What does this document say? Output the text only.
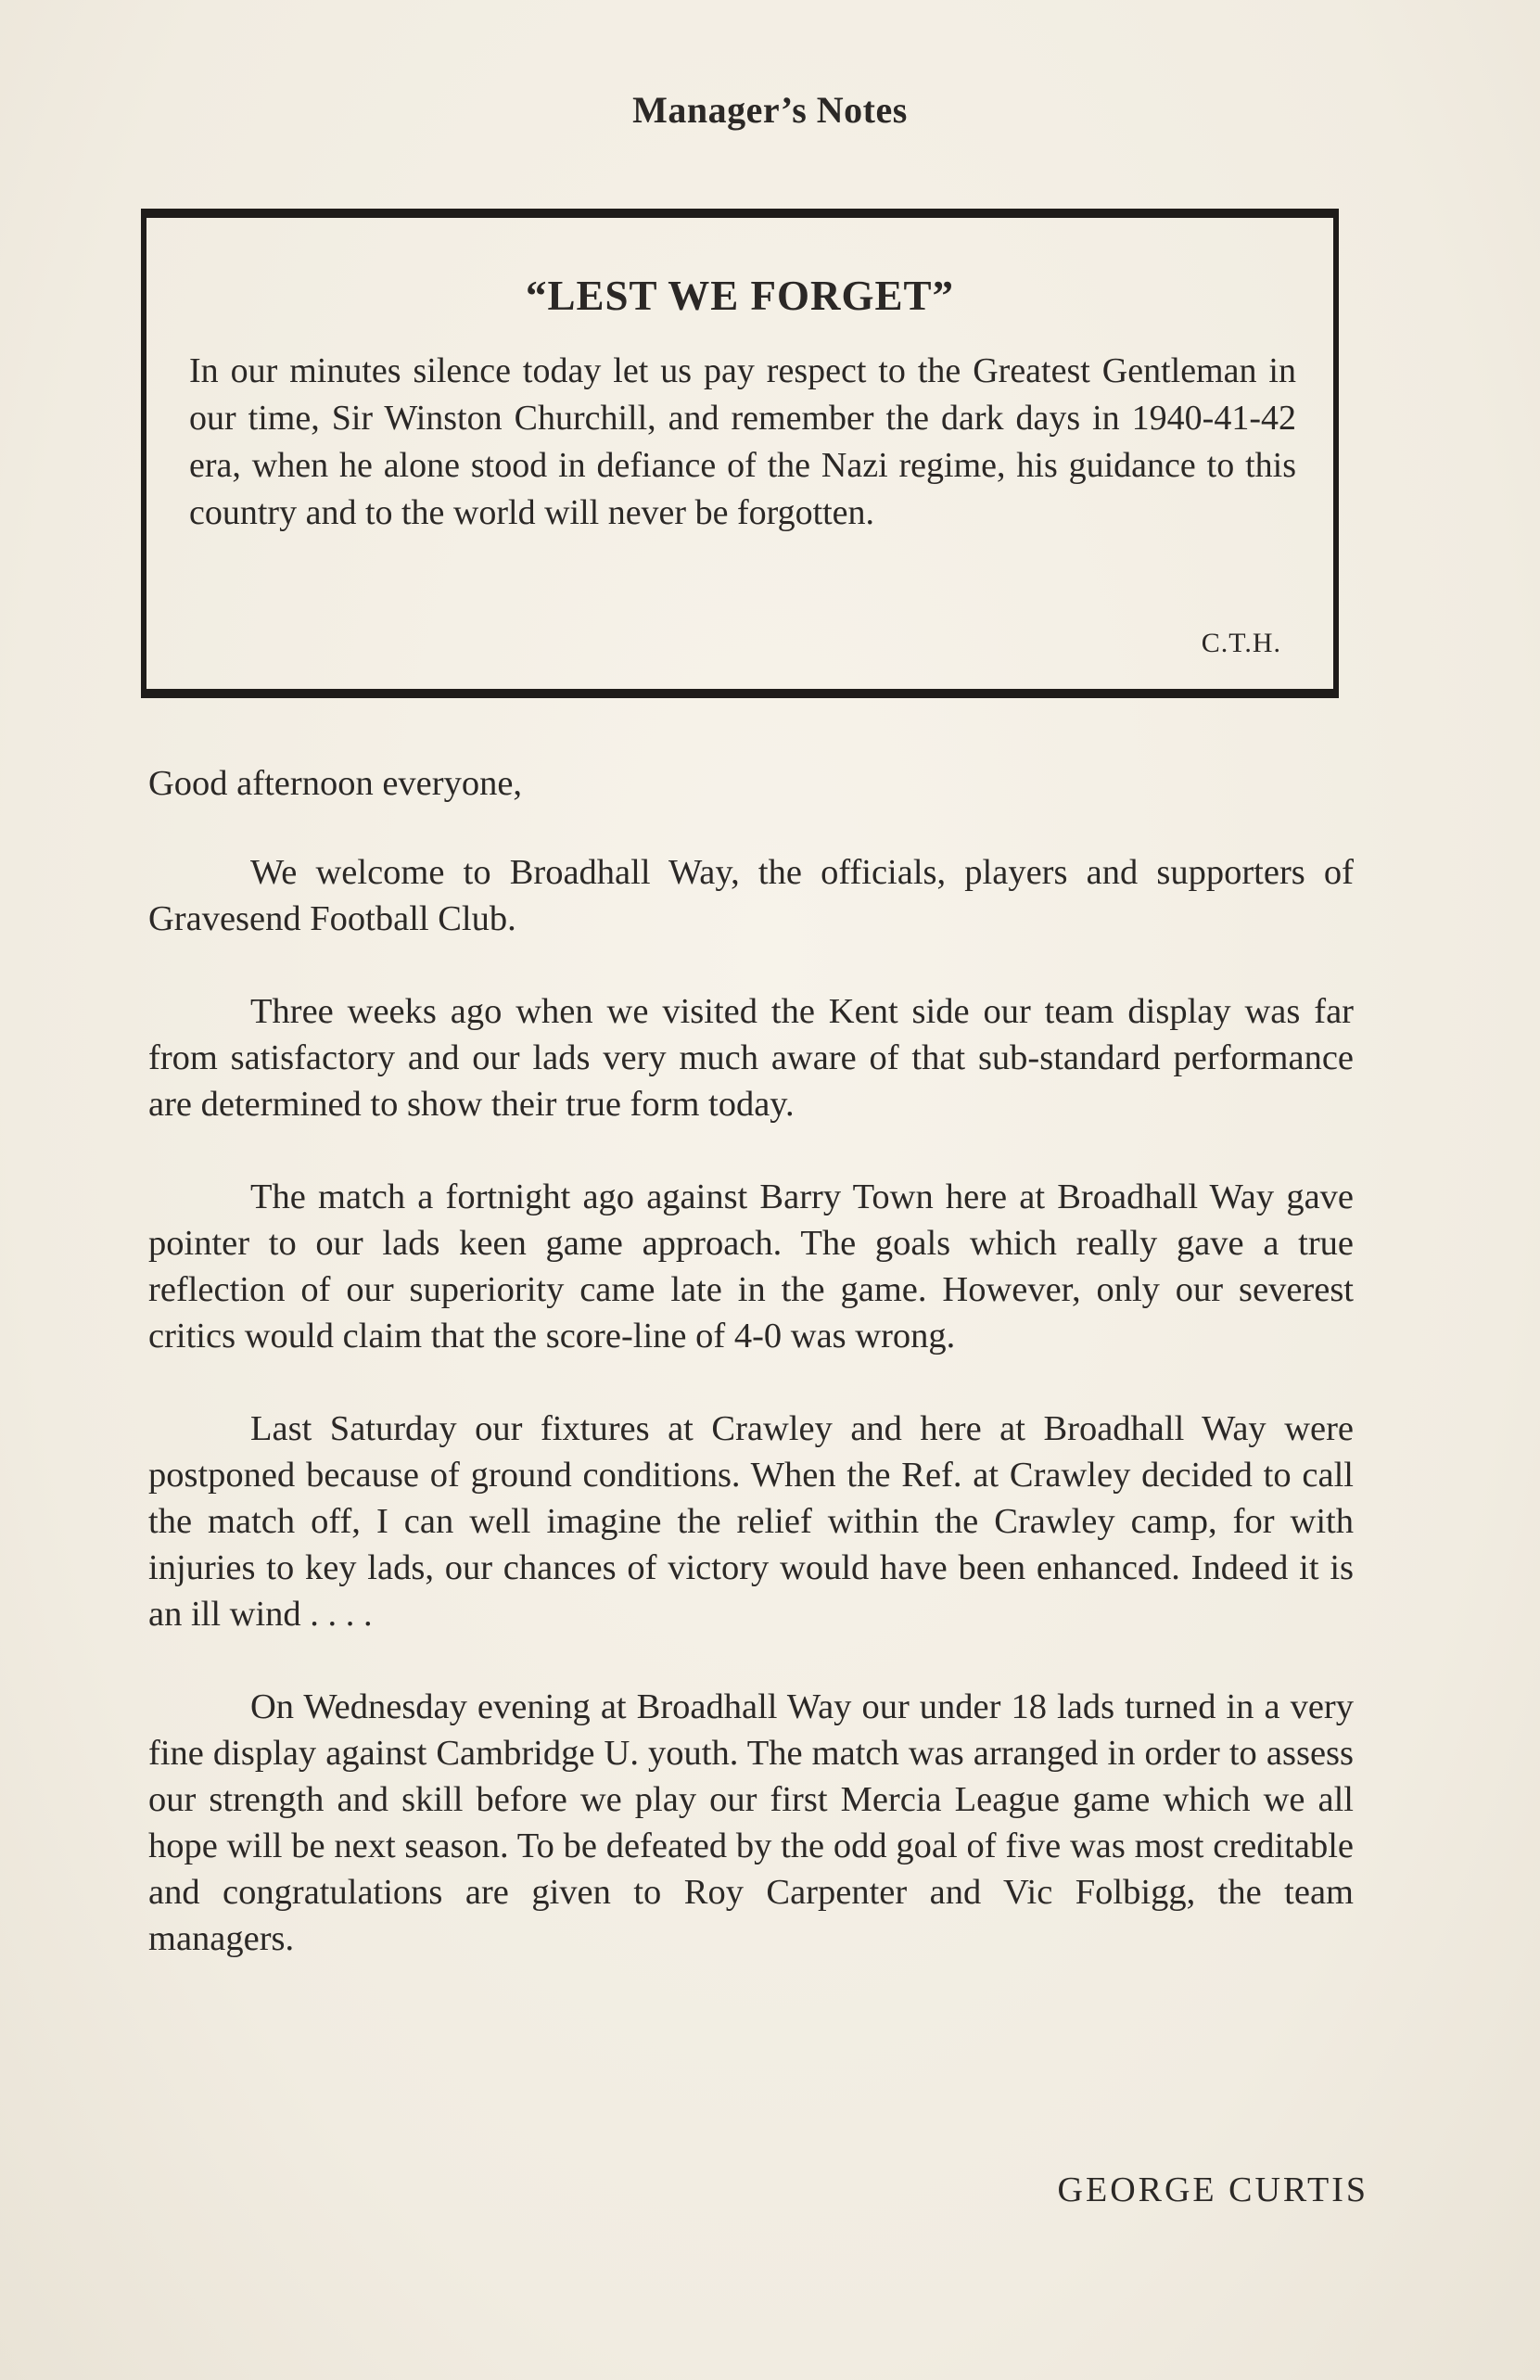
Manager’s Notes
“LEST WE FORGET”
In our minutes silence today let us pay respect to the Greatest Gentleman in our time, Sir Winston Churchill, and remember the dark days in 1940-41-42 era, when he alone stood in defiance of the Nazi regime, his guidance to this country and to the world will never be forgotten.
C.T.H.

Good afternoon everyone,

We welcome to Broadhall Way, the officials, players and supporters of Gravesend Football Club.

Three weeks ago when we visited the Kent side our team display was far from satisfactory and our lads very much aware of that sub-standard performance are determined to show their true form today.

The match a fortnight ago against Barry Town here at Broadhall Way gave pointer to our lads keen game approach. The goals which really gave a true reflection of our superiority came late in the game. However, only our severest critics would claim that the score-line of 4-0 was wrong.

Last Saturday our fixtures at Crawley and here at Broadhall Way were postponed because of ground conditions. When the Ref. at Crawley decided to call the match off, I can well imagine the relief within the Crawley camp, for with injuries to key lads, our chances of victory would have been enhanced. Indeed it is an ill wind . . . .

On Wednesday evening at Broadhall Way our under 18 lads turned in a very fine display against Cambridge U. youth. The match was arranged in order to assess our strength and skill before we play our first Mercia League game which we all hope will be next season. To be defeated by the odd goal of five was most creditable and congratulations are given to Roy Carpenter and Vic Folbigg, the team managers.

GEORGE CURTIS
